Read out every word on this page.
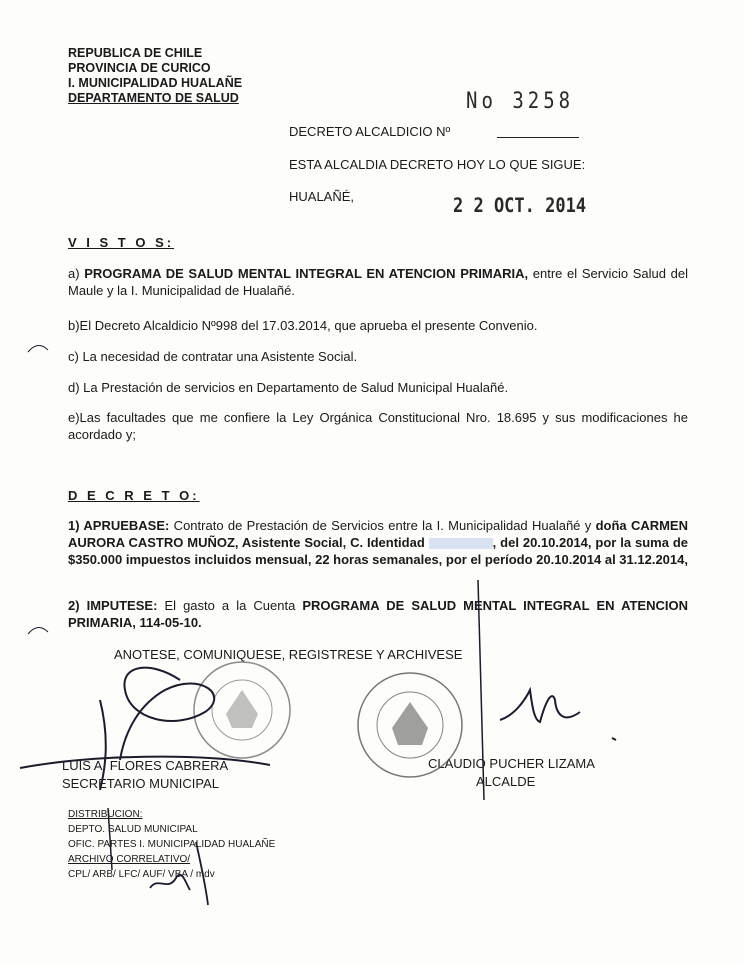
REPUBLICA DE CHILE
PROVINCIA DE CURICO
I. MUNICIPALIDAD HUALAÑE
DEPARTAMENTO DE SALUD	No 3258
DECRETO ALCALDICIO Nº
ESTA ALCALDIA DECRETO HOY LO QUE SIGUE:
HUALAÑÉ,	2 2 OCT. 2014
V I S T O S:
a) PROGRAMA DE SALUD MENTAL INTEGRAL EN ATENCION PRIMARIA, entre el Servicio Salud del Maule y la I. Municipalidad de Hualañé.
b)El Decreto Alcaldicio Nº998 del 17.03.2014, que aprueba el presente Convenio.
c) La necesidad de contratar una Asistente Social.
d) La Prestación de servicios en Departamento de Salud Municipal Hualañé.
e)Las facultades que me confiere la Ley Orgánica Constitucional Nro. 18.695 y sus modificaciones he acordado y;
D E C R E T O:
1) APRUEBASE: Contrato de Prestación de Servicios entre la I. Municipalidad Hualañé y doña CARMEN AURORA CASTRO MUÑOZ, Asistente Social, C. Identidad	, del 20.10.2014, por la suma de $350.000 impuestos incluidos mensual, 22 horas semanales, por el período 20.10.2014 al 31.12.2014,
2) IMPUTESE: El gasto a la Cuenta PROGRAMA DE SALUD MENTAL INTEGRAL EN ATENCION PRIMARIA, 114-05-10.
ANOTESE, COMUNIQUESE, REGISTRESE Y ARCHIVESE
LUIS A. FLORES CABRERA
SECRETARIO MUNICIPAL
CLAUDIO PUCHER LIZAMA
ALCALDE
DISTRIBUCION:
DEPTO. SALUD MUNICIPAL
OFIC. PARTES I. MUNICIPALIDAD HUALAÑE
ARCHIVO CORRELATIVO/
CPL/ ARB/ LFC/ AUF/ VBA / mdv
